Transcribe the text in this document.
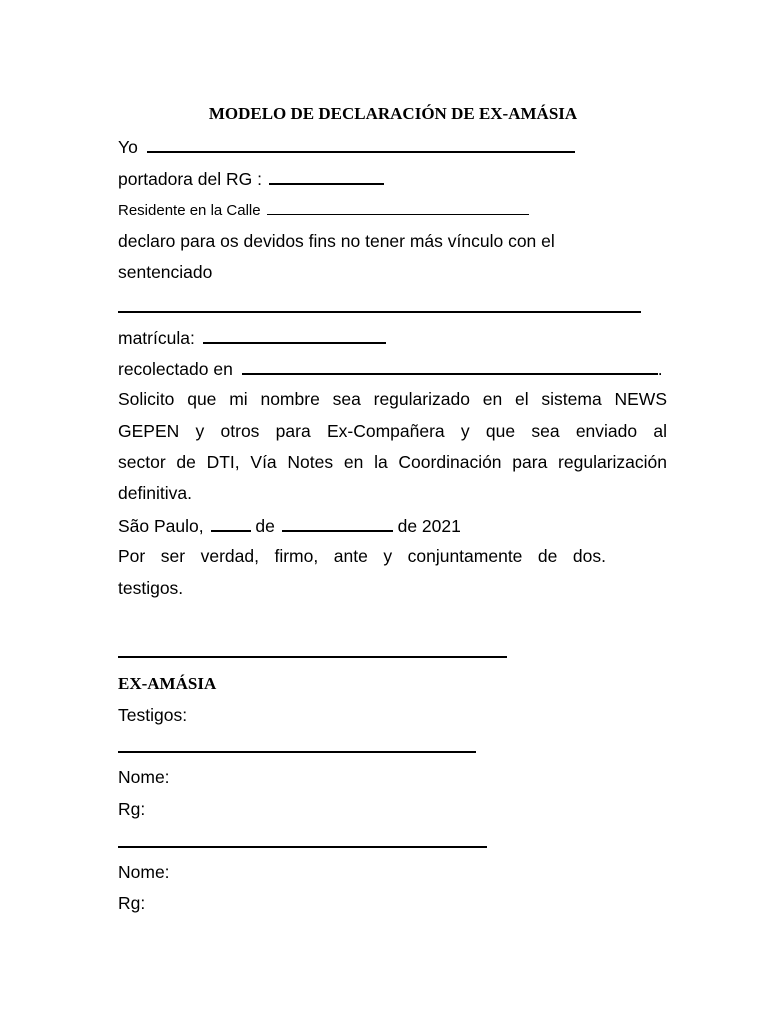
MODELO DE DECLARACIÓN DE EX-AMÁSIA
Yo
portadora del RG :
Residente en la Calle
declaro para os devidos fins no tener más vínculo con el
sentenciado
matrícula:
recolectado en	.
Solicito que mi nombre sea regularizado en el sistema NEWS
GEPEN y otros para Ex-Compañera y que sea enviado al
sector de DTI, Vía Notes en la Coordinación para regularización
definitiva.
São Paulo,	de	de 2021
Por ser verdad, firmo, ante y conjuntamente de dos.
testigos.
EX-AMÁSIA
Testigos:
Nome:
Rg:
Nome:
Rg:
